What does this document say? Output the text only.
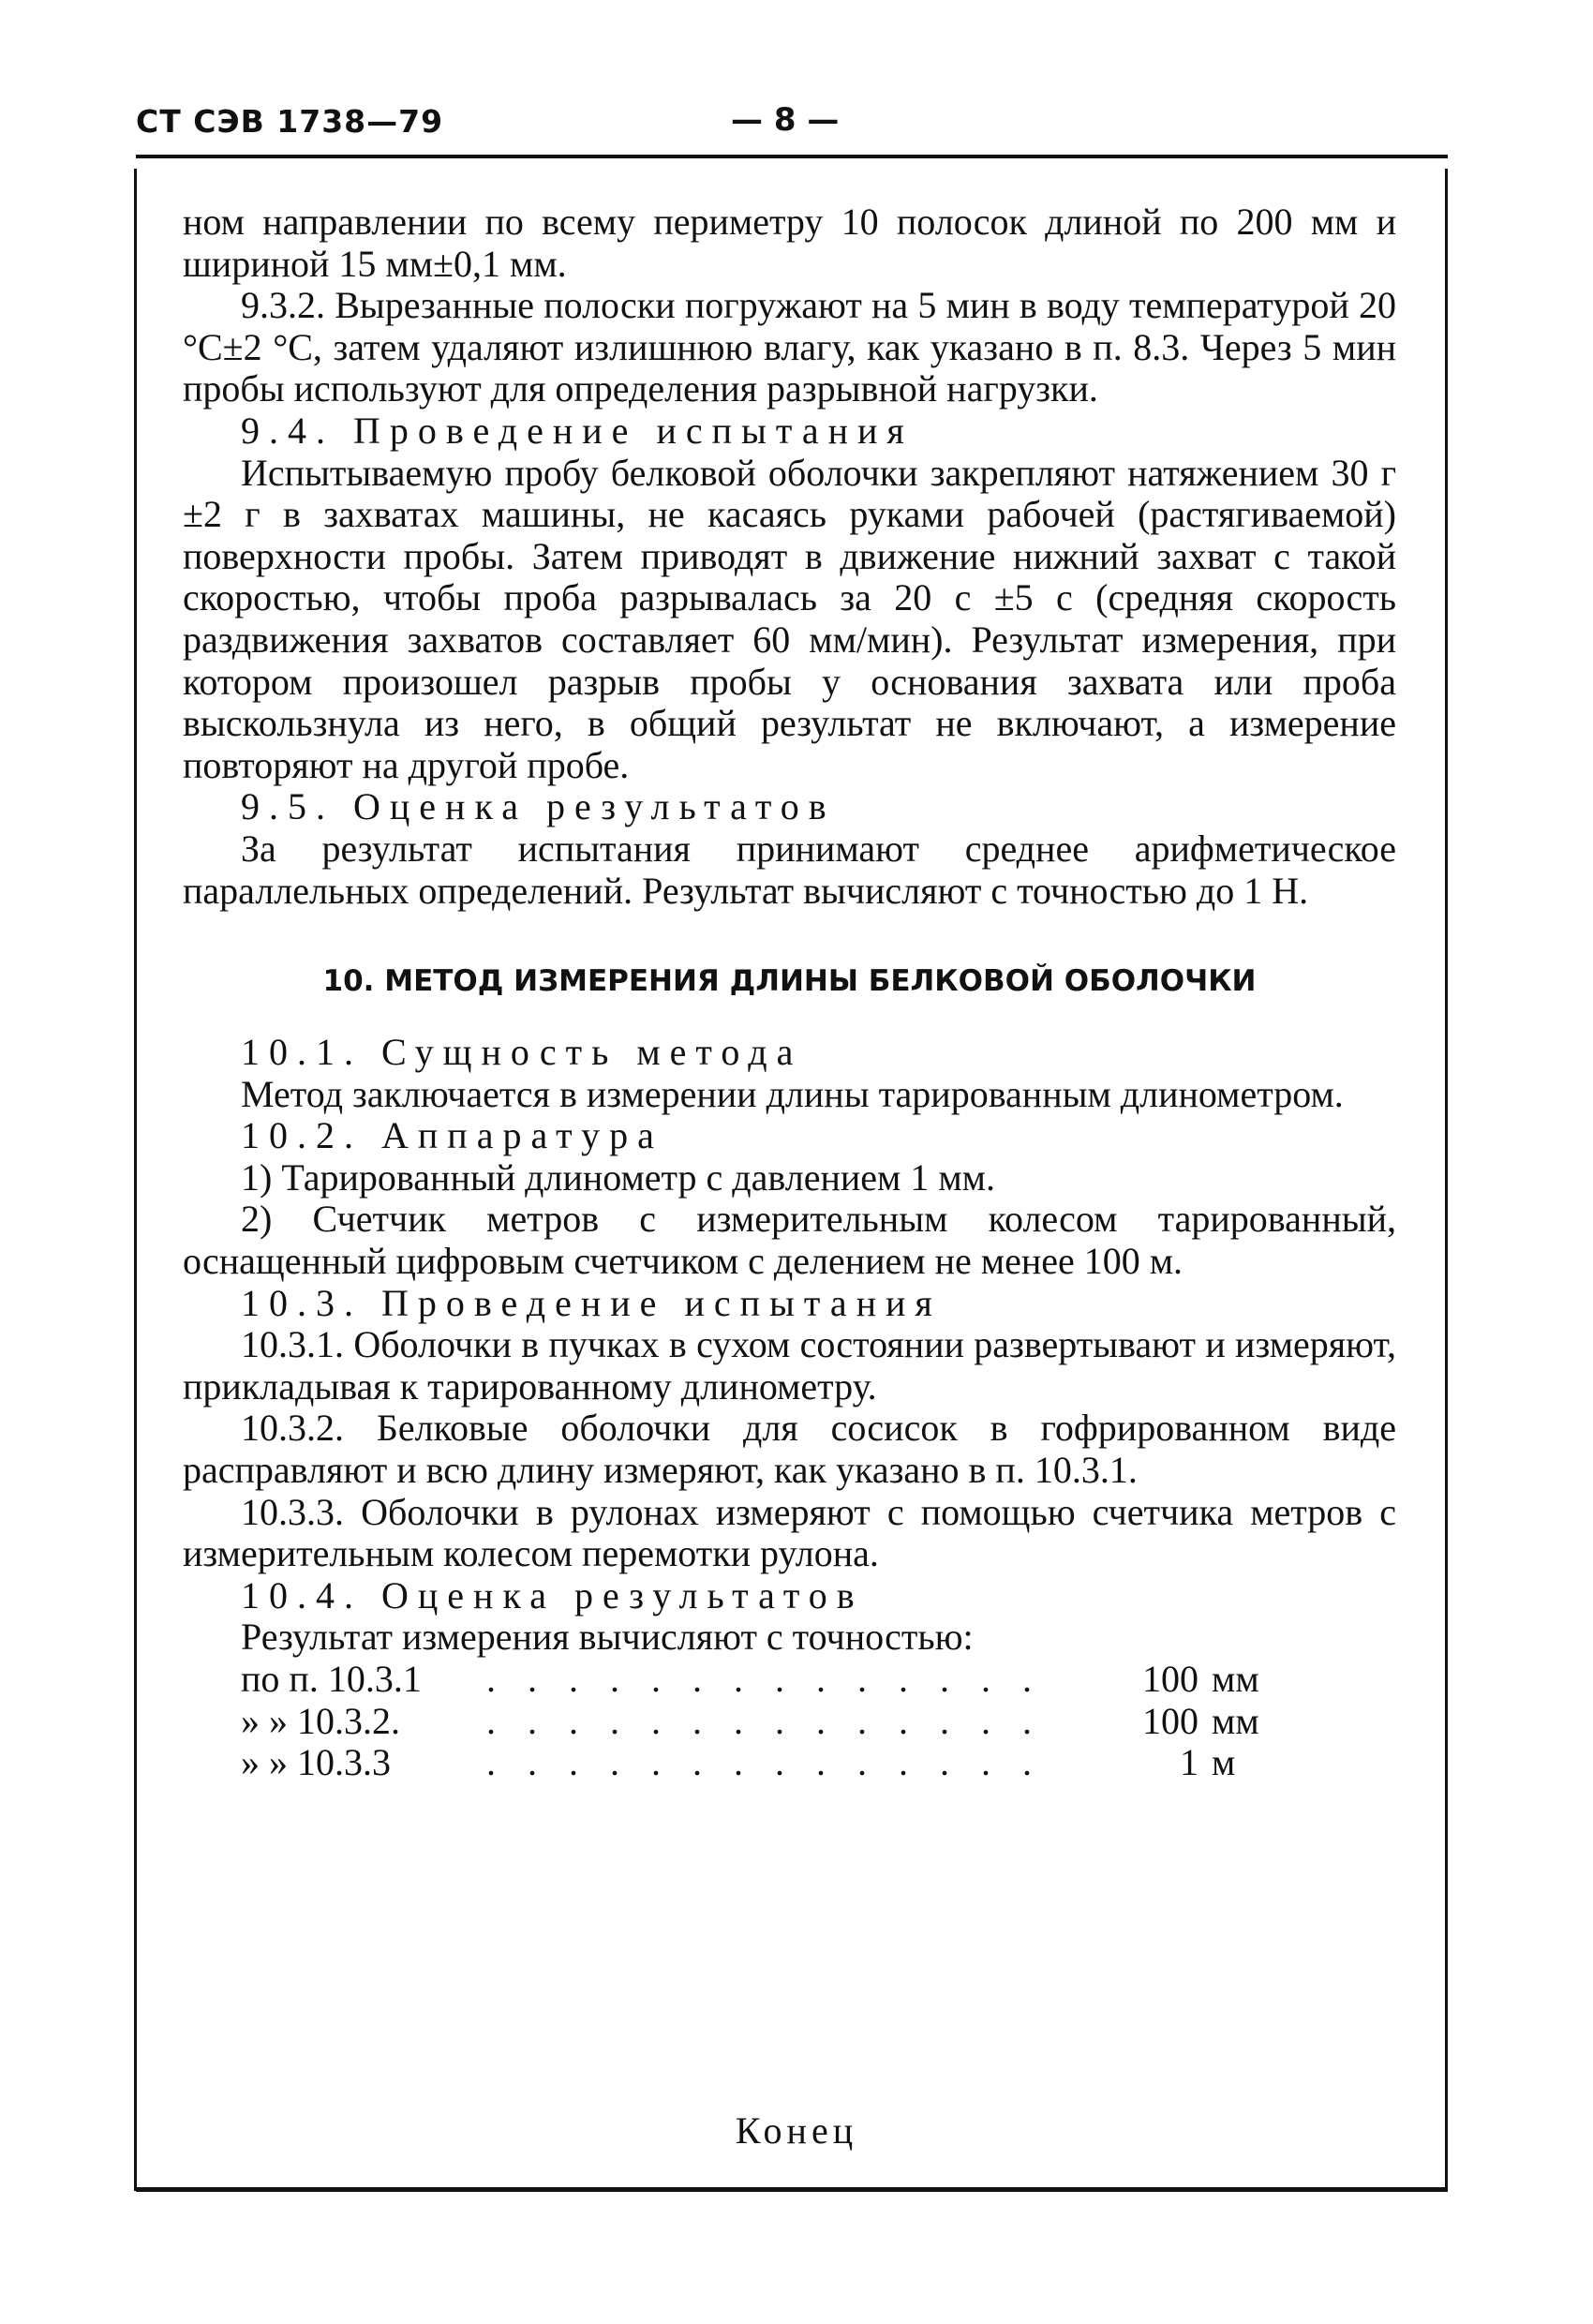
СТ СЭВ 1738—79	— 8 —

ном направлении по всему периметру 10 полосок длиной по 200 мм и шириной 15 мм±0,1 мм.

9.3.2. Вырезанные полоски погружают на 5 мин в воду температурой 20 °С±2 °С, затем удаляют излишнюю влагу, как указано в п. 8.3. Через 5 мин пробы используют для определения разрывной нагрузки.

9.4. Проведение испытания

Испытываемую пробу белковой оболочки закрепляют натяжением 30 г ±2 г в захватах машины, не касаясь руками рабочей (растягиваемой) поверхности пробы. Затем приводят в движение нижний захват с такой скоростью, чтобы проба разрывалась за 20 с ±5 с (средняя скорость раздвижения захватов составляет 60 мм/мин). Результат измерения, при котором произошел разрыв пробы у основания захвата или проба выскользнула из него, в общий результат не включают, а измерение повторяют на другой пробе.

9.5. Оценка результатов

За результат испытания принимают среднее арифметическое параллельных определений. Результат вычисляют с точностью до 1 Н.

10. МЕТОД ИЗМЕРЕНИЯ ДЛИНЫ БЕЛКОВОЙ ОБОЛОЧКИ

10.1. Сущность метода

Метод заключается в измерении длины тарированным длинометром.

10.2. Аппаратура

1) Тарированный длинометр с давлением 1 мм.

2) Счетчик метров с измерительным колесом тарированный, оснащенный цифровым счетчиком с делением не менее 100 м.

10.3. Проведение испытания

10.3.1. Оболочки в пучках в сухом состоянии развертывают и измеряют, прикладывая к тарированному длинометру.

10.3.2. Белковые оболочки для сосисок в гофрированном виде расправляют и всю длину измеряют, как указано в п. 10.3.1.

10.3.3. Оболочки в рулонах измеряют с помощью счетчика метров с измерительным колесом перемотки рулона.

10.4. Оценка результатов

Результат измерения вычисляют с точностью:

по п. 10.3.1	. . . . . . . . . . . . . .	100 мм
» » 10.3.2.	. . . . . . . . . . . . . .	100 мм
» » 10.3.3	. . . . . . . . . . . . . .	1 м
Конец
